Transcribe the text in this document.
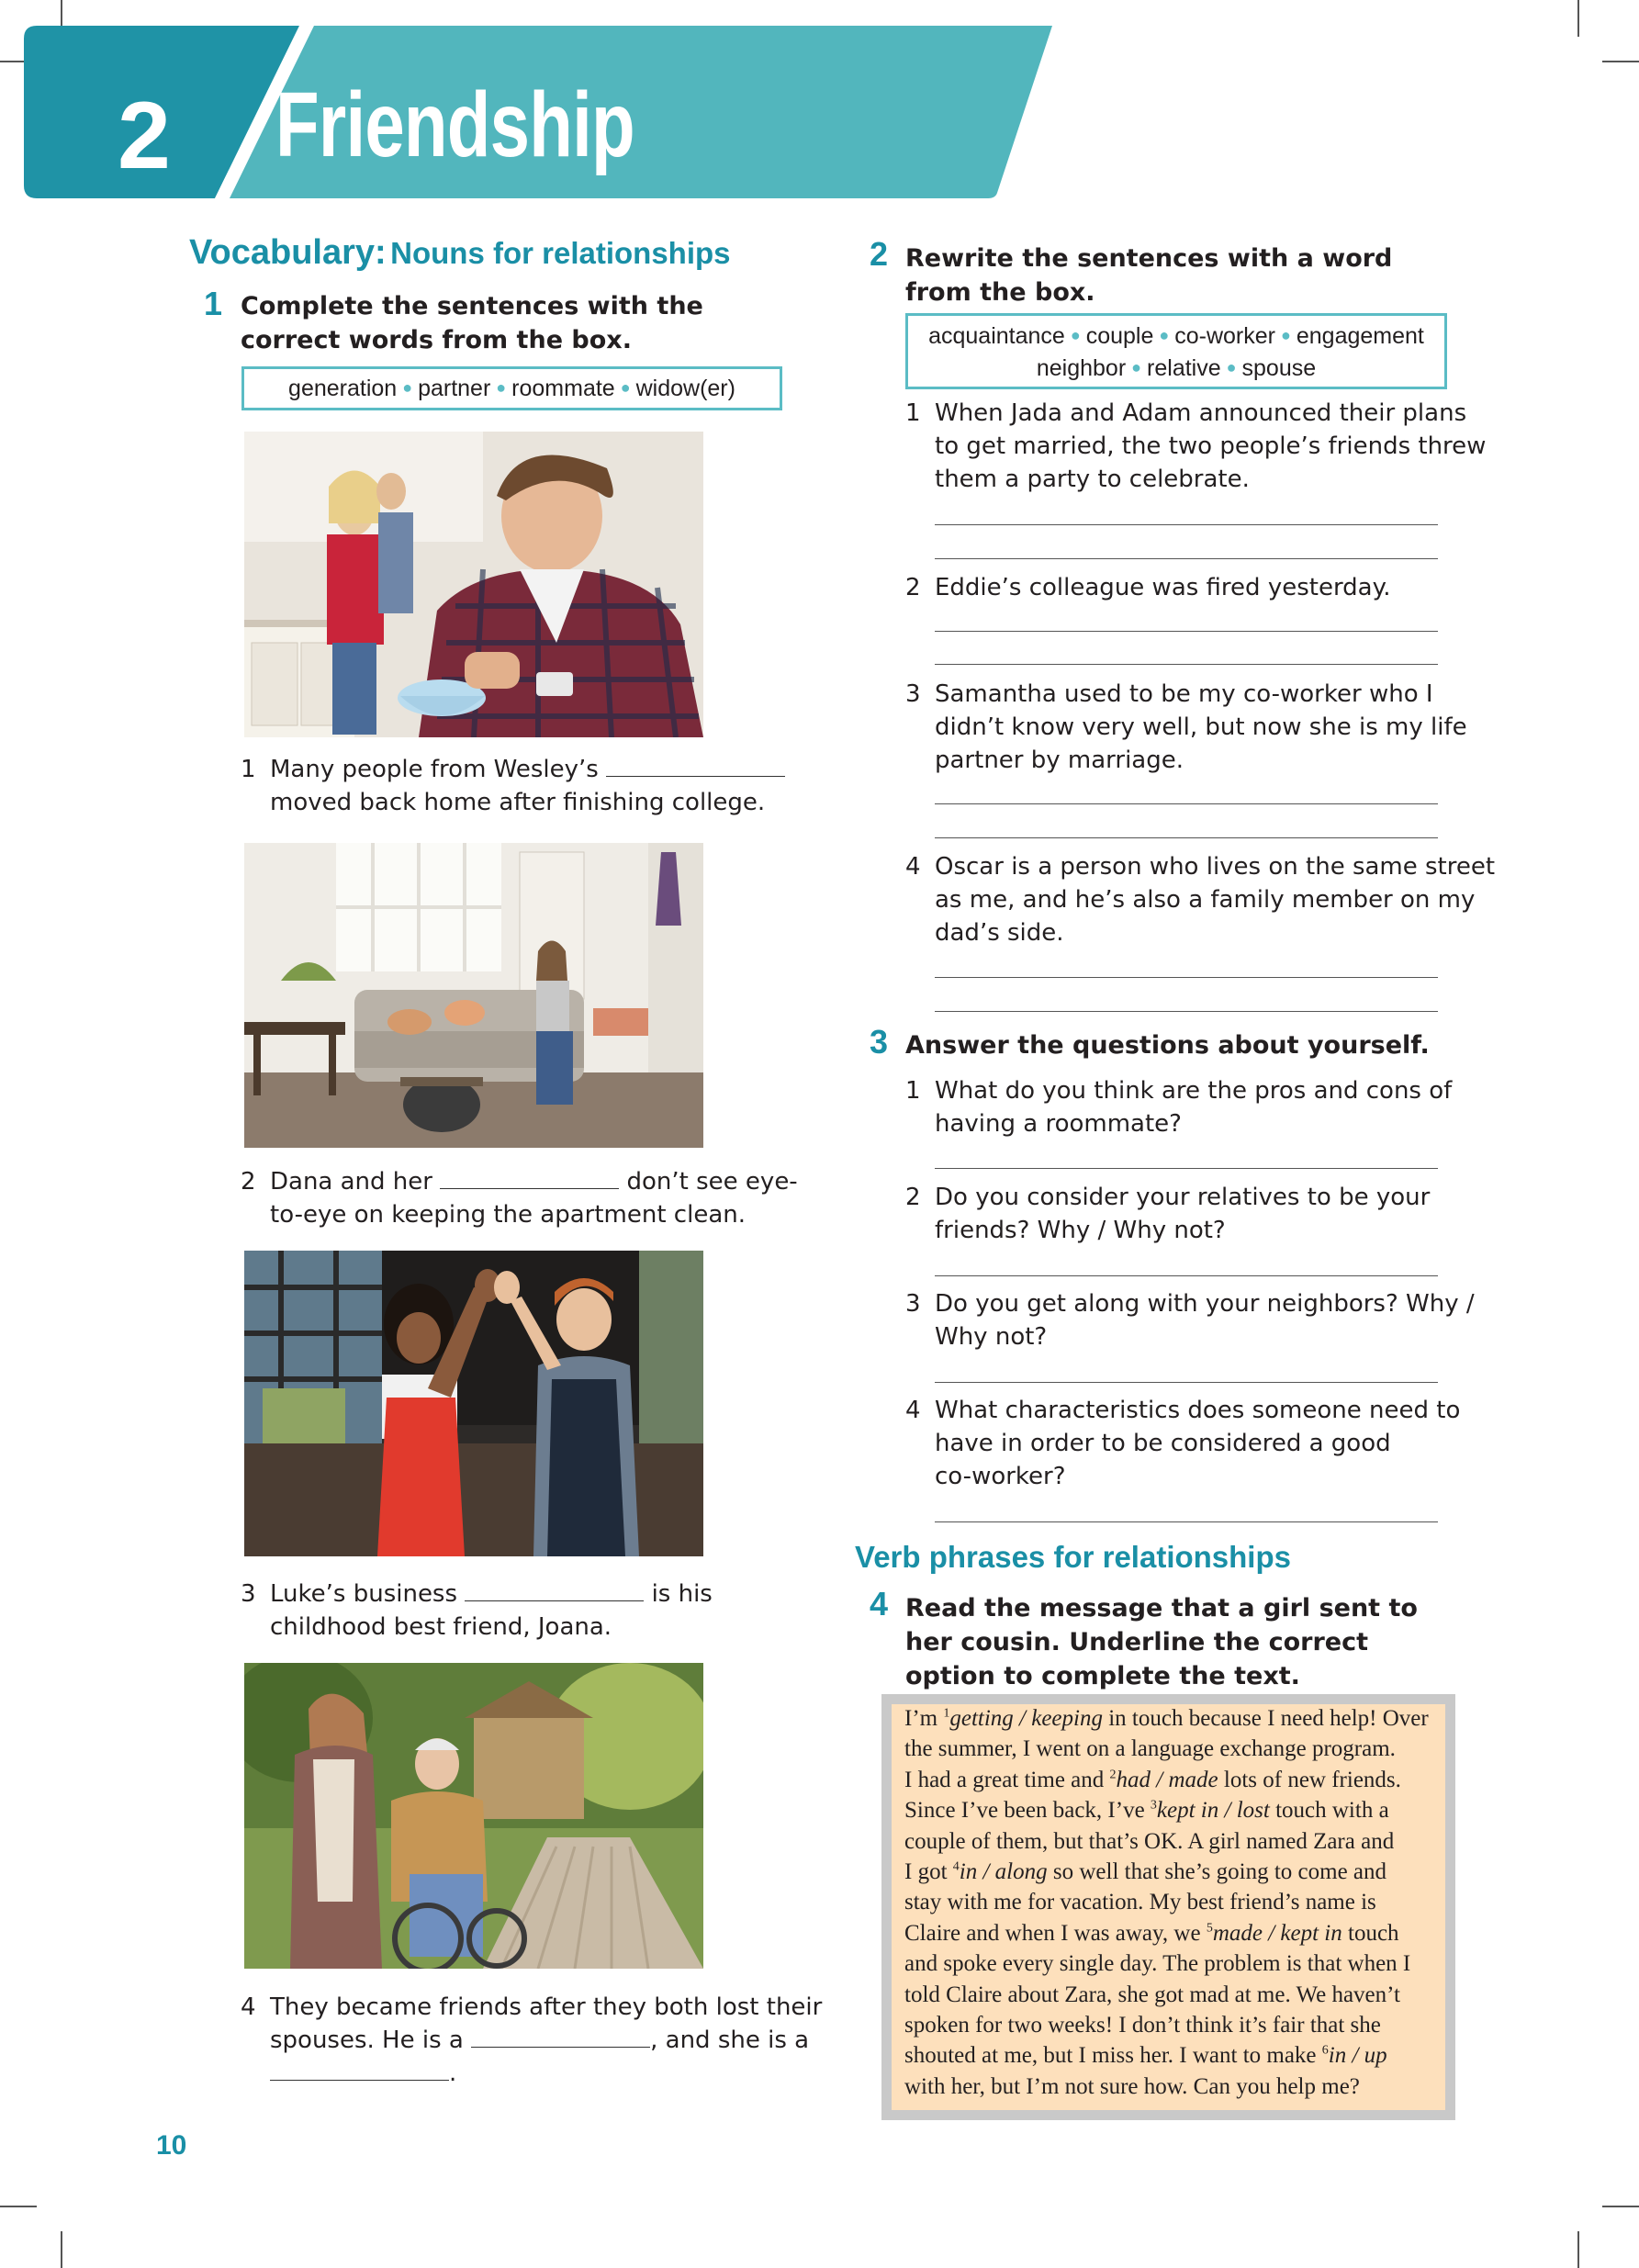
2 Friendship
Vocabulary: Nouns for relationships
1 Complete the sentences with the correct words from the box.
generation ● partner ● roommate ● widow(er)
1 Many people from Wesley’s
moved back home after finishing college.
2 Dana and her	don’t see eye-
to-eye on keeping the apartment clean.
3 Luke’s business	is his
childhood best friend, Joana.
4 They became friends after they both lost their
spouses. He is a	, and she is a
.
10
2 Rewrite the sentences with a word from the box.
acquaintance ● couple ● co-worker ● engagement
neighbor ● relative ● spouse
1 When Jada and Adam announced their plans
to get married, the two people’s friends threw
them a party to celebrate.
2 Eddie’s colleague was fired yesterday.
3 Samantha used to be my co-worker who I
didn’t know very well, but now she is my life
partner by marriage.
4 Oscar is a person who lives on the same street
as me, and he’s also a family member on my
dad’s side.
3 Answer the questions about yourself.
1 What do you think are the pros and cons of
having a roommate?
2 Do you consider your relatives to be your
friends? Why / Why not?
3 Do you get along with your neighbors? Why /
Why not?
4 What characteristics does someone need to
have in order to be considered a good
co-worker?
Verb phrases for relationships
4 Read the message that a girl sent to her cousin. Underline the correct option to complete the text.
I’m $^1$getting / keeping in touch because I need help! Over
the summer, I went on a language exchange program.
I had a great time and $^2$had / made lots of new friends.
Since I’ve been back, I’ve $^3$kept in / lost touch with a
couple of them, but that’s OK. A girl named Zara and
I got $^4$in / along so well that she’s going to come and
stay with me for vacation. My best friend’s name is
Claire and when I was away, we $^5$made / kept in touch
and spoke every single day. The problem is that when I
told Claire about Zara, she got mad at me. We haven’t
spoken for two weeks! I don’t think it’s fair that she
shouted at me, but I miss her. I want to make $^6$in / up
with her, but I’m not sure how. Can you help me?
